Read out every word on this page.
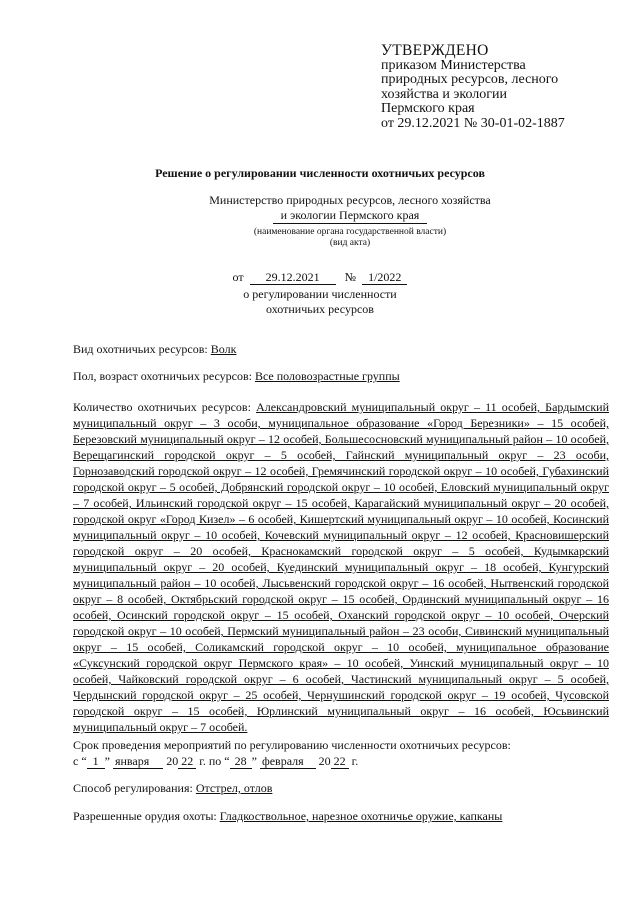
УТВЕРЖДЕНО
приказом Министерства
природных ресурсов, лесного
хозяйства и экологии
Пермского края
от 29.12.2021 № 30-01-02-1887
Решение о регулировании численности охотничьих ресурсов
Министерство природных ресурсов, лесного хозяйства
и экологии Пермского края
(наименование органа государственной власти)
(вид акта)
от 29.12.2021 № 1/2022
о регулировании численности
охотничьих ресурсов
Вид охотничьих ресурсов: Волк
Пол, возраст охотничьих ресурсов: Все половозрастные группы
Количество охотничьих ресурсов: Александровский муниципальный округ – 11 особей, Бардымский муниципальный округ – 3 особи, муниципальное образование «Город Березники» – 15 особей, Березовский муниципальный округ – 12 особей, Большесосновский муниципальный район – 10 особей, Верещагинский городской округ – 5 особей, Гайнский муниципальный округ – 23 особи, Горнозаводский городской округ – 12 особей, Гремячинский городской округ – 10 особей, Губахинский городской округ – 5 особей, Добрянский городской округ – 10 особей, Еловский муниципальный округ – 7 особей, Ильинский городской округ – 15 особей, Карагайский муниципальный округ – 20 особей, городской округ «Город Кизел» – 6 особей, Кишертский муниципальный округ – 10 особей, Косинский муниципальный округ – 10 особей, Кочевский муниципальный округ – 12 особей, Красновишерский городской округ – 20 особей, Краснокамский городской округ – 5 особей, Кудымкарский муниципальный округ – 20 особей, Куединский муниципальный округ – 18 особей, Кунгурский муниципальный район – 10 особей, Лысьвенский городской округ – 16 особей, Нытвенский городской округ – 8 особей, Октябрьский городской округ – 15 особей, Ординский муниципальный округ – 16 особей, Осинский городской округ – 15 особей, Оханский городской округ – 10 особей, Очерский городской округ – 10 особей, Пермский муниципальный район – 23 особи, Сивинский муниципальный округ – 15 особей, Соликамский городской округ – 10 особей, муниципальное образование «Суксунский городской округ Пермского края» – 10 особей, Уинский муниципальный округ – 10 особей, Чайковский городской округ – 6 особей, Частинский муниципальный округ – 5 особей, Чердынский городской округ – 25 особей, Чернушинский городской округ – 19 особей, Чусовской городской округ – 15 особей, Юрлинский муниципальный округ – 16 особей, Юсьвинский муниципальный округ – 7 особей.
Срок проведения мероприятий по регулированию численности охотничьих ресурсов:
с “ 1 ” января 20 22 г. по “ 28 ” февраля 20 22 г.
Способ регулирования: Отстрел, отлов
Разрешенные орудия охоты: Гладкоствольное, нарезное охотничье оружие, капканы
